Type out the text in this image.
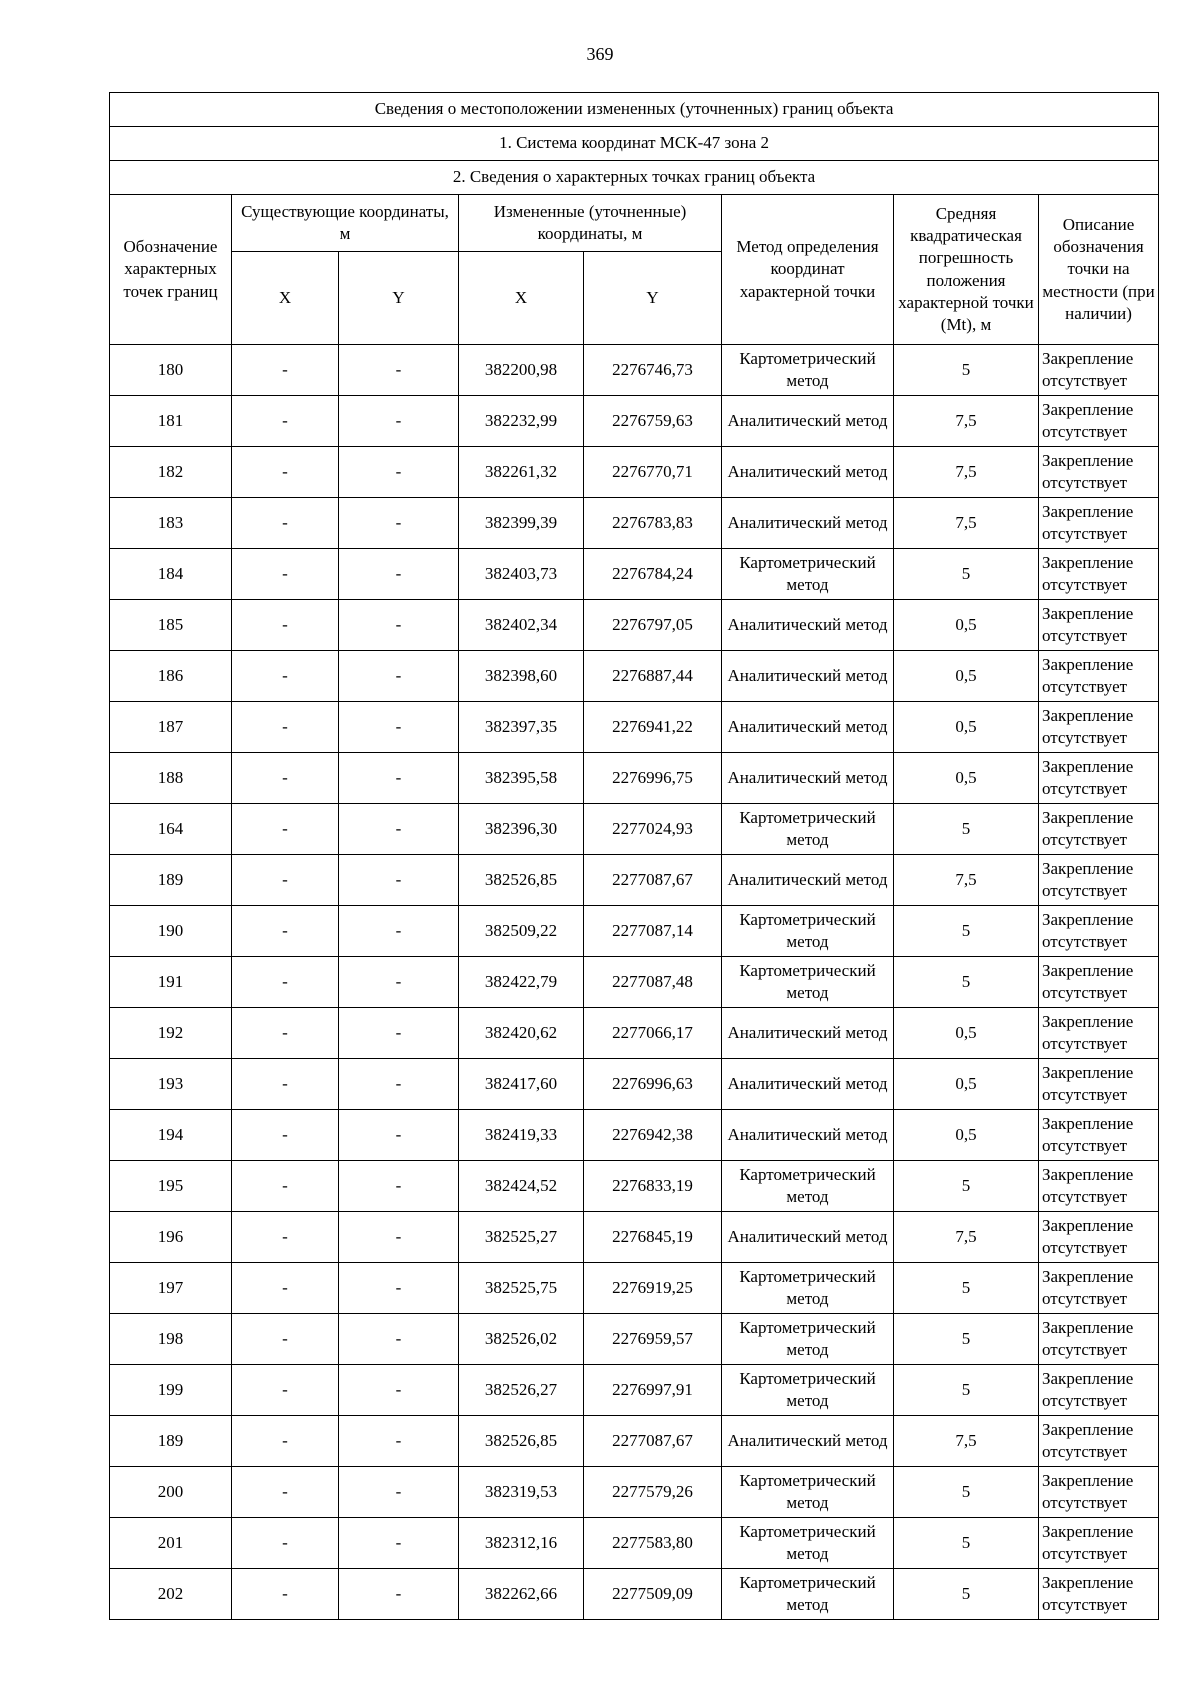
369
Сведения о местоположении измененных (уточненных) границ объекта							
1. Система координат МСК-47 зона 2							
2. Сведения о характерных точках границ объекта							
Обозначение характерных точек границ	Существующие координаты, м		Измененные (уточненные) координаты, м		Метод определения координат характерной точки	Средняя квадратическая погрешность положения характерной точки (Mt), м	Описание обозначения точки на местности (при наличии)
	X	Y	X	Y			
180	-	-	382200,98	2276746,73	Картометрический метод	5	Закрепление отсутствует
181	-	-	382232,99	2276759,63	Аналитический метод	7,5	Закрепление отсутствует
182	-	-	382261,32	2276770,71	Аналитический метод	7,5	Закрепление отсутствует
183	-	-	382399,39	2276783,83	Аналитический метод	7,5	Закрепление отсутствует
184	-	-	382403,73	2276784,24	Картометрический метод	5	Закрепление отсутствует
185	-	-	382402,34	2276797,05	Аналитический метод	0,5	Закрепление отсутствует
186	-	-	382398,60	2276887,44	Аналитический метод	0,5	Закрепление отсутствует
187	-	-	382397,35	2276941,22	Аналитический метод	0,5	Закрепление отсутствует
188	-	-	382395,58	2276996,75	Аналитический метод	0,5	Закрепление отсутствует
164	-	-	382396,30	2277024,93	Картометрический метод	5	Закрепление отсутствует
189	-	-	382526,85	2277087,67	Аналитический метод	7,5	Закрепление отсутствует
190	-	-	382509,22	2277087,14	Картометрический метод	5	Закрепление отсутствует
191	-	-	382422,79	2277087,48	Картометрический метод	5	Закрепление отсутствует
192	-	-	382420,62	2277066,17	Аналитический метод	0,5	Закрепление отсутствует
193	-	-	382417,60	2276996,63	Аналитический метод	0,5	Закрепление отсутствует
194	-	-	382419,33	2276942,38	Аналитический метод	0,5	Закрепление отсутствует
195	-	-	382424,52	2276833,19	Картометрический метод	5	Закрепление отсутствует
196	-	-	382525,27	2276845,19	Аналитический метод	7,5	Закрепление отсутствует
197	-	-	382525,75	2276919,25	Картометрический метод	5	Закрепление отсутствует
198	-	-	382526,02	2276959,57	Картометрический метод	5	Закрепление отсутствует
199	-	-	382526,27	2276997,91	Картометрический метод	5	Закрепление отсутствует
189	-	-	382526,85	2277087,67	Аналитический метод	7,5	Закрепление отсутствует
200	-	-	382319,53	2277579,26	Картометрический метод	5	Закрепление отсутствует
201	-	-	382312,16	2277583,80	Картометрический метод	5	Закрепление отсутствует
202	-	-	382262,66	2277509,09	Картометрический метод	5	Закрепление отсутствует
